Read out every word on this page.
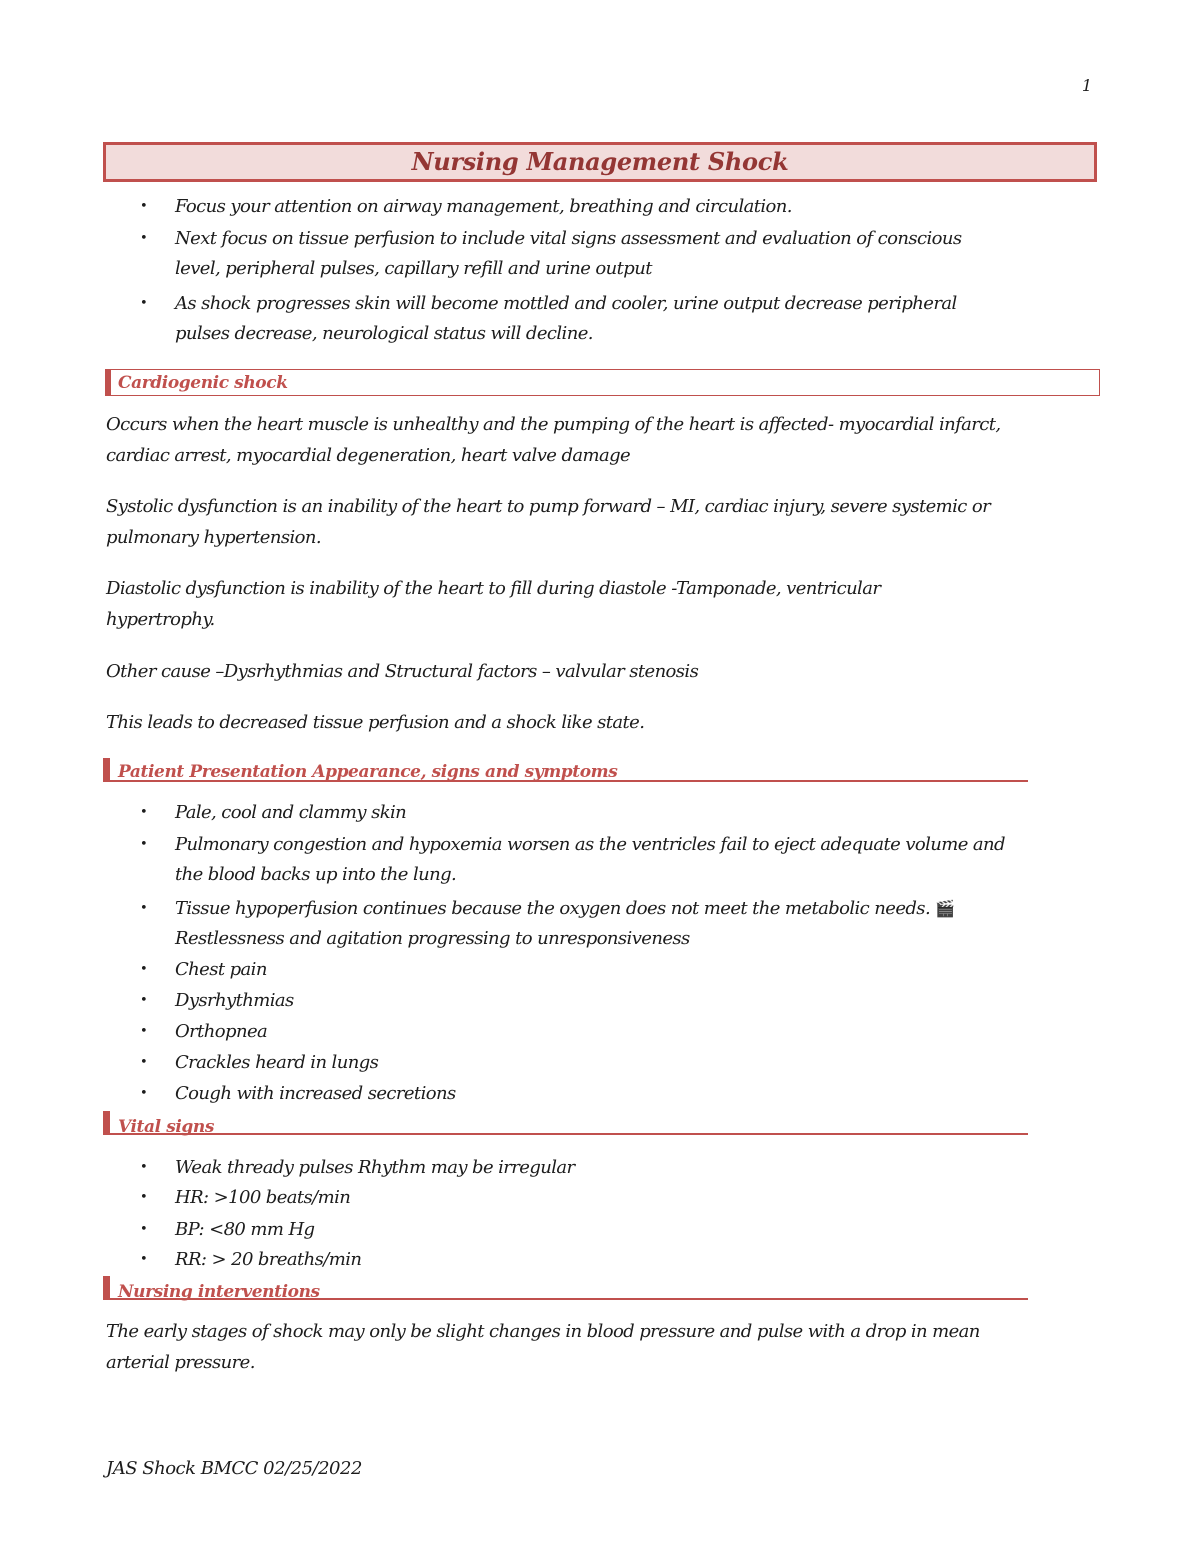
1
Nursing Management Shock
• Focus your attention on airway management, breathing and circulation.
• Next focus on tissue perfusion to include vital signs assessment and evaluation of conscious
level, peripheral pulses, capillary refill and urine output
• As shock progresses skin will become mottled and cooler, urine output decrease peripheral
pulses decrease, neurological status will decline.
Cardiogenic shock

Occurs when the heart muscle is unhealthy and the pumping of the heart is affected- myocardial infarct,
cardiac arrest, myocardial degeneration, heart valve damage

Systolic dysfunction is an inability of the heart to pump forward – MI, cardiac injury, severe systemic or
pulmonary hypertension.

Diastolic dysfunction is inability of the heart to fill during diastole -Tamponade, ventricular
hypertrophy.

Other cause –Dysrhythmias and Structural factors – valvular stenosis

This leads to decreased tissue perfusion and a shock like state.

Patient Presentation Appearance, signs and symptoms
• Pale, cool and clammy skin
• Pulmonary congestion and hypoxemia worsen as the ventricles fail to eject adequate volume and
the blood backs up into the lung.
• Tissue hypoperfusion continues because the oxygen does not meet the metabolic needs. 🎬
Restlessness and agitation progressing to unresponsiveness
• Chest pain
• Dysrhythmias
• Orthopnea
• Crackles heard in lungs
• Cough with increased secretions
Vital signs
• Weak thready pulses Rhythm may be irregular
• HR: >100 beats/min
• BP: <80 mm Hg
• RR: > 20 breaths/min
Nursing interventions

The early stages of shock may only be slight changes in blood pressure and pulse with a drop in mean
arterial pressure.

JAS Shock BMCC 02/25/2022
